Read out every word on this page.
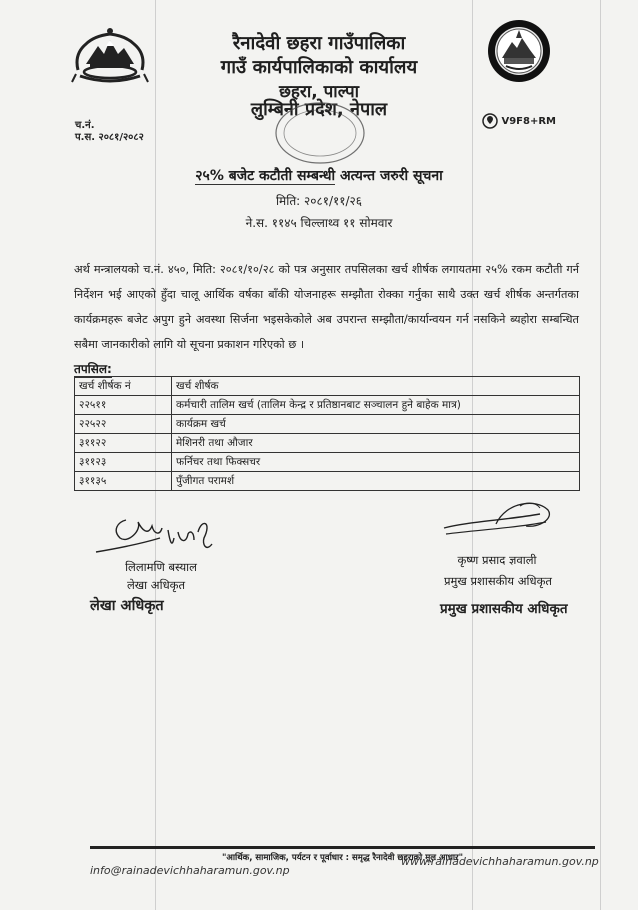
रैनादेवी छहरा गाउँपालिका
गाउँ कार्यपालिकाको कार्यालय
छहरा, पाल्पा
लुम्बिनी प्रदेश, नेपाल
च.नं.
प.स. २०८१/२०८२
V9F8+RM
२५% बजेट कटौती सम्बन्धी अत्यन्त जरुरी सूचना
मिति: २०८१/११/२६
ने.स. ११४५ चिल्लाथ्व ११ सोमवार
अर्थ मन्त्रालयको च.नं. ४५०, मिति: २०८१/१०/२८ को पत्र अनुसार तपसिलका खर्च शीर्षक लगायतमा २५% रकम कटौती गर्न निर्देशन भई आएको हुँदा चालू आर्थिक वर्षका बाँकी योजनाहरू सम्झौता रोक्का गर्नुका साथै उक्त खर्च शीर्षक अन्तर्गतका कार्यक्रमहरू बजेट अपुग हुने अवस्था सिर्जना भइसकेकोले अब उपरान्त सम्झौता/कार्यान्वयन गर्न नसकिने ब्यहोरा सम्बन्धित सबैमा जानकारीको लागि यो सूचना प्रकाशन गरिएको छ ।
तपसिल:
खर्च शीर्षक नं	खर्च शीर्षक
२२५११	कर्मचारी तालिम खर्च (तालिम केन्द्र र प्रतिष्ठानबाट सञ्चालन हुने बाहेक मात्र)
२२५२२	कार्यक्रम खर्च
३११२२	मेशिनरी तथा औजार
३११२३	फर्निचर तथा फिक्सचर
३११३५	पुँजीगत परामर्श
लिलामणि बस्याल
लेखा अधिकृत
लेखा अधिकृत
कृष्ण प्रसाद ज्ञवाली
प्रमुख प्रशासकीय अधिकृत
प्रमुख प्रशासकीय अधिकृत
"आर्थिक, सामाजिक, पर्यटन र पूर्वाधार : समृद्ध रैनादेवी छहराको मूल आधार"
info@rainadevichhaharamun.gov.np
www.rainadevichhaharamun.gov.np
